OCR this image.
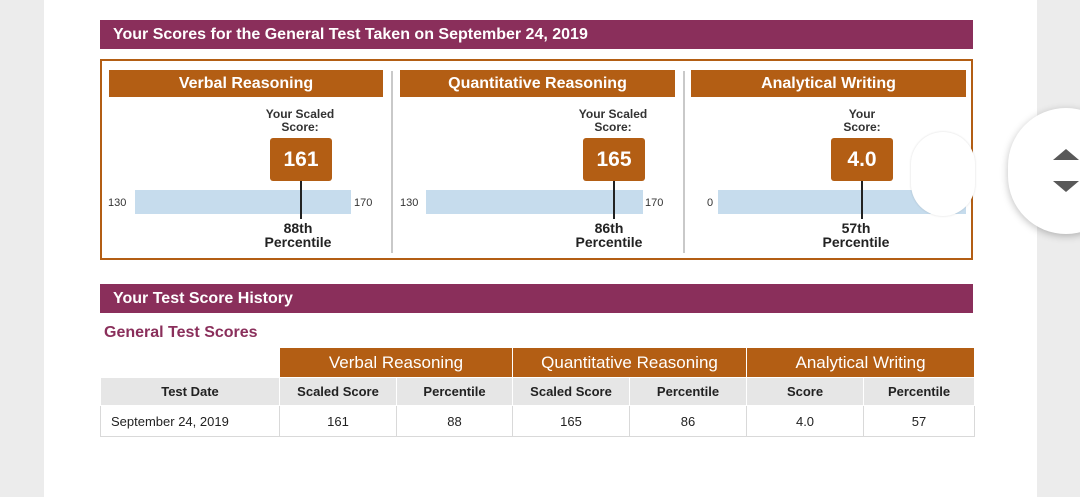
Your Scores for the General Test Taken on September 24, 2019
Verbal Reasoning
Your Scaled
Score:
161
130	170
88th
Percentile
Quantitative Reasoning
Your Scaled
Score:
165
130	170
86th
Percentile
Analytical Writing
Your
Score:
4.0
0
57th
Percentile
Your Test Score History
General Test Scores
	Verbal Reasoning		Quantitative Reasoning		Analytical Writing	
Test Date	Scaled Score	Percentile	Scaled Score	Percentile	Score	Percentile
September 24, 2019	161	88	165	86	4.0	57
